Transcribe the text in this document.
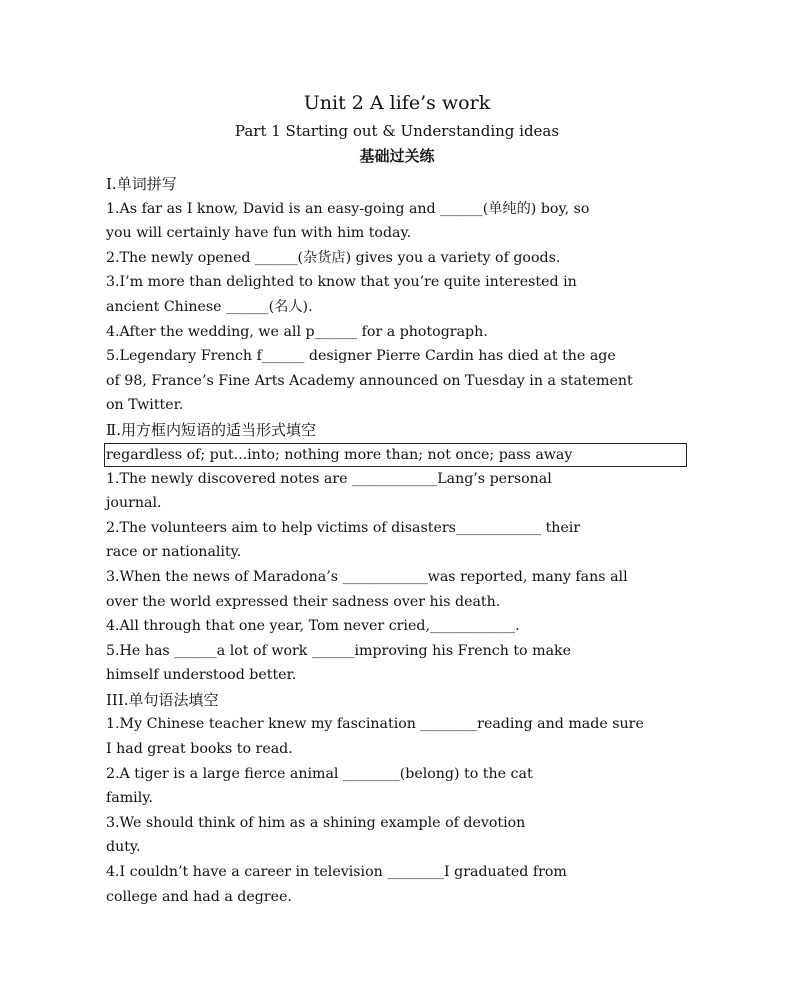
Unit 2 A life’s work
Part 1 Starting out & Understanding ideas
基础过关练
Ⅰ.单词拼写
1.As far as I know, David is an easy-going and ______(单纯的) boy, so
you will certainly have fun with him today.
2.The newly opened ______(杂货店) gives you a variety of goods.
3.I’m more than delighted to know that you’re quite interested in
ancient Chinese ______(名人).
4.After the wedding, we all p______ for a photograph.
5.Legendary French f______ designer Pierre Cardin has died at the age
of 98, France’s Fine Arts Academy announced on Tuesday in a statement
on Twitter.
Ⅱ.用方框内短语的适当形式填空
regardless of; put...into; nothing more than; not once; pass away
1.The newly discovered notes are ____________Lang’s personal
journal.
2.The volunteers aim to help victims of disasters____________ their
race or nationality.
3.When the news of Maradona’s ____________was reported, many fans all
over the world expressed their sadness over his death.
4.All through that one year, Tom never cried,____________.
5.He has ______a lot of work ______improving his French to make
himself understood better.
III.单句语法填空
1.My Chinese teacher knew my fascination ________reading and made sure
I had great books to read.
2.A tiger is a large fierce animal ________(belong) to the cat
family.
3.We should think of him as a shining example of devotion
duty.
4.I couldn’t have a career in television ________I graduated from
college and had a degree.
